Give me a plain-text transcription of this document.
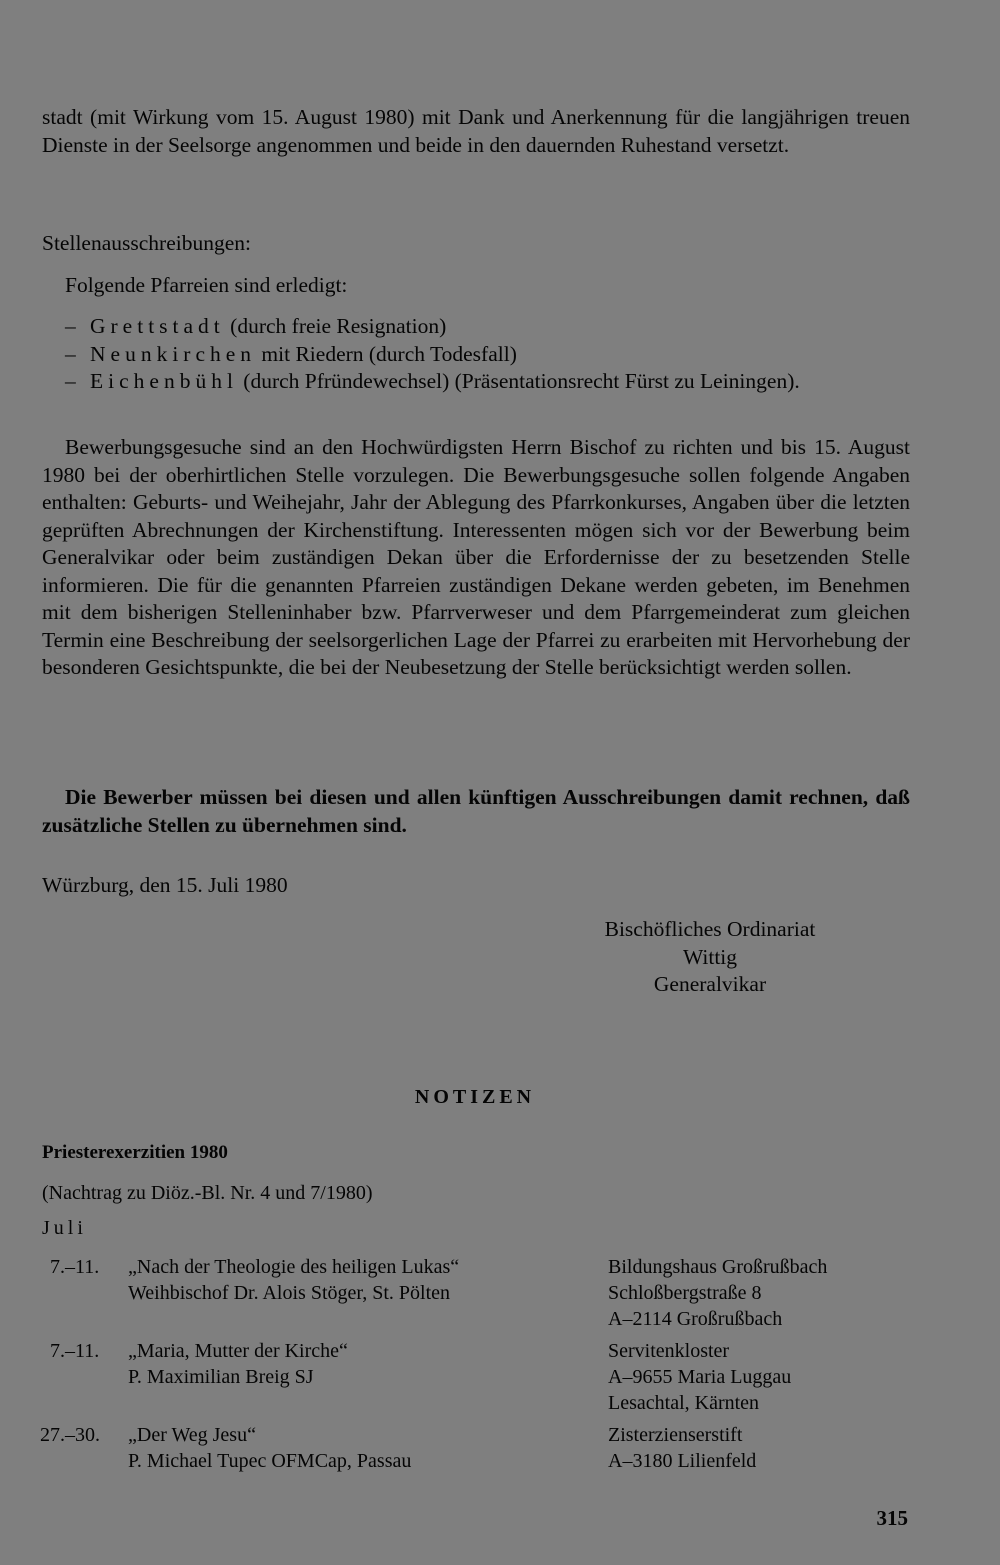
stadt (mit Wirkung vom 15. August 1980) mit Dank und Anerkennung für die langjährigen treuen Dienste in der Seelsorge angenommen und beide in den dauernden Ruhestand versetzt.

Stellenausschreibungen:

Folgende Pfarreien sind erledigt:

– Grettstadt (durch freie Resignation)
– Neunkirchen mit Riedern (durch Todesfall)
– Eichenbühl (durch Pfründewechsel) (Präsentationsrecht Fürst zu Leiningen).

Bewerbungsgesuche sind an den Hochwürdigsten Herrn Bischof zu richten und bis 15. August 1980 bei der oberhirtlichen Stelle vorzulegen. Die Bewerbungsgesuche sollen folgende Angaben enthalten: Geburts- und Weihejahr, Jahr der Ablegung des Pfarrkonkurses, Angaben über die letzten geprüften Abrechnungen der Kirchenstiftung. Interessenten mögen sich vor der Bewerbung beim Generalvikar oder beim zuständigen Dekan über die Erfordernisse der zu besetzenden Stelle informieren. Die für die genannten Pfarreien zuständigen Dekane werden gebeten, im Benehmen mit dem bisherigen Stelleninhaber bzw. Pfarrverweser und dem Pfarrgemeinderat zum gleichen Termin eine Beschreibung der seelsorgerlichen Lage der Pfarrei zu erarbeiten mit Hervorhebung der besonderen Gesichtspunkte, die bei der Neubesetzung der Stelle berücksichtigt werden sollen.

Die Bewerber müssen bei diesen und allen künftigen Ausschreibungen damit rechnen, daß zusätzliche Stellen zu übernehmen sind.

Würzburg, den 15. Juli 1980

Bischöfliches Ordinariat
Wittig
Generalvikar
NOTIZEN
Priesterexerzitien 1980
(Nachtrag zu Diöz.-Bl. Nr. 4 und 7/1980)
Juli
7.–11.	„Nach der Theologie des heiligen Lukas“
Weihbischof Dr. Alois Stöger, St. Pölten
Bildungshaus Großrußbach
Schloßbergstraße 8
A–2114 Großrußbach
7.–11.	„Maria, Mutter der Kirche“
P. Maximilian Breig SJ
Servitenkloster
A–9655 Maria Luggau
Lesachtal, Kärnten
27.–30. „Der Weg Jesu“
P. Michael Tupec OFMCap, Passau
Zisterzienserstift
A–3180 Lilienfeld
315
